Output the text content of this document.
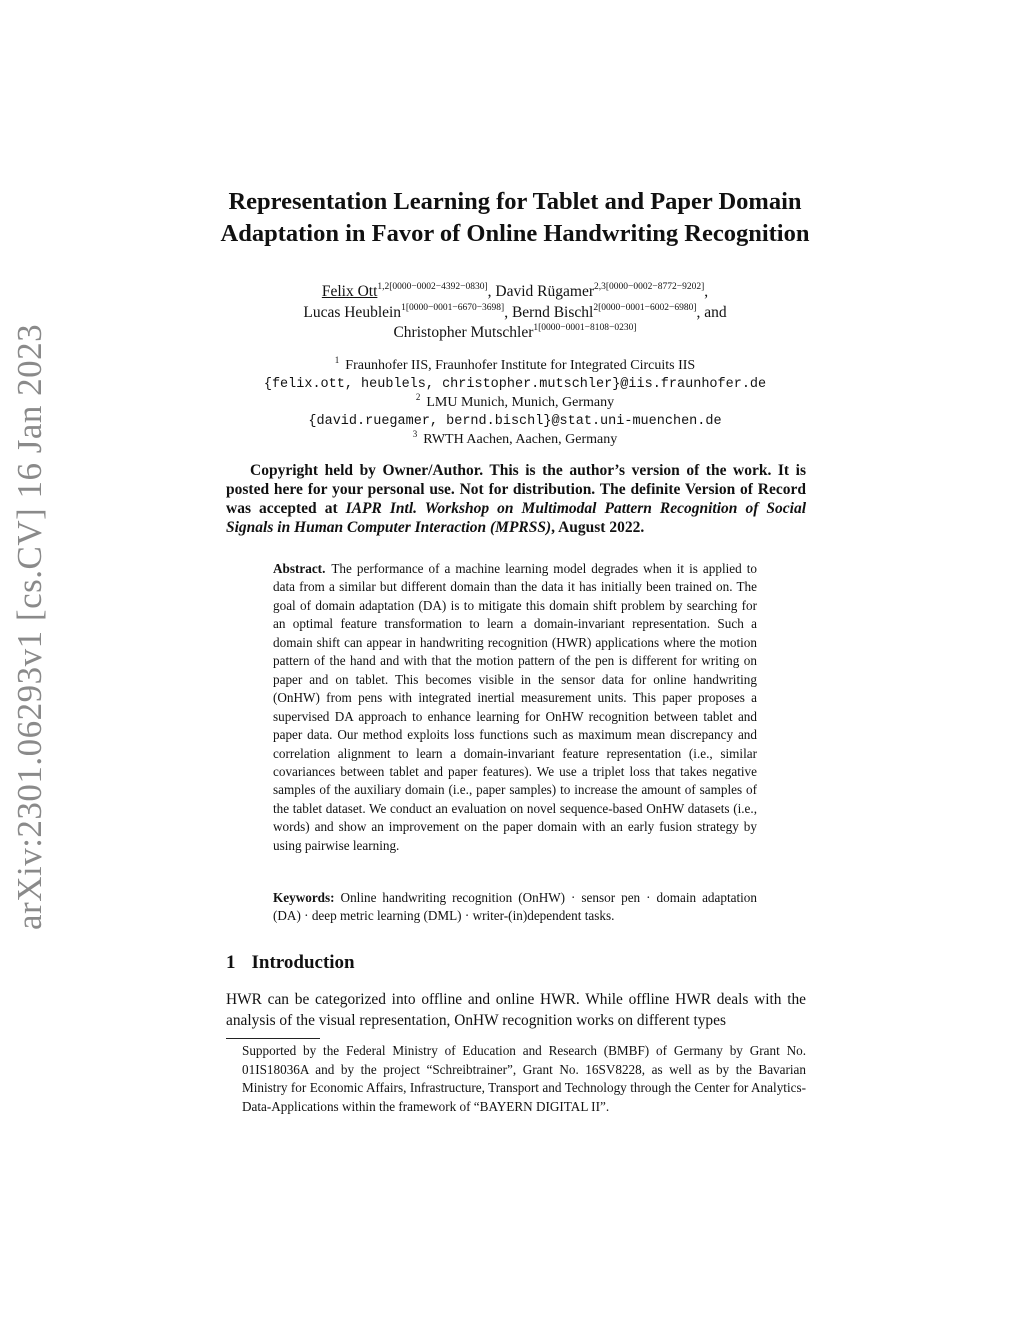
arXiv:2301.06293v1 [cs.CV] 16 Jan 2023
Representation Learning for Tablet and Paper Domain
Adaptation in Favor of Online Handwriting Recognition
Felix Ott$^{1,2[0000-0002-4392-0830]}$, David Rügamer$^{2,3[0000-0002-8772-9202]}$,
Lucas Heublein$^{1[0000-0001-6670-3698]}$, Bernd Bischl$^{2[0000-0001-6002-6980]}$, and
Christopher Mutschler$^{1[0000-0001-8108-0230]}$
$^1$ Fraunhofer IIS, Fraunhofer Institute for Integrated Circuits IIS
{felix.ott, heublels, christopher.mutschler}@iis.fraunhofer.de
$^2$ LMU Munich, Munich, Germany
{david.ruegamer, bernd.bischl}@stat.uni-muenchen.de
$^3$ RWTH Aachen, Aachen, Germany
Copyright held by Owner/Author. This is the author’s version of the work. It is posted here for your personal use. Not for distribution. The definite Version of Record was accepted at IAPR Intl. Workshop on Multimodal Pattern Recognition of Social Signals in Human Computer Interaction (MPRSS), August 2022.
Abstract. The performance of a machine learning model degrades when it is applied to data from a similar but different domain than the data it has initially been trained on. The goal of domain adaptation (DA) is to mitigate this domain shift problem by searching for an optimal feature transformation to learn a domain-invariant representation. Such a domain shift can appear in handwriting recognition (HWR) applications where the motion pattern of the hand and with that the motion pattern of the pen is different for writing on paper and on tablet. This becomes visible in the sensor data for online handwriting (OnHW) from pens with integrated inertial measurement units. This paper proposes a supervised DA approach to enhance learning for OnHW recognition between tablet and paper data. Our method exploits loss functions such as maximum mean discrepancy and correlation alignment to learn a domain-invariant feature representation (i.e., similar covariances between tablet and paper features). We use a triplet loss that takes negative samples of the auxiliary domain (i.e., paper samples) to increase the amount of samples of the tablet dataset. We conduct an evaluation on novel sequence-based OnHW datasets (i.e., words) and show an improvement on the paper domain with an early fusion strategy by using pairwise learning.
Keywords: Online handwriting recognition (OnHW) · sensor pen · domain adaptation (DA) · deep metric learning (DML) · writer-(in)dependent tasks.
1 Introduction
HWR can be categorized into offline and online HWR. While offline HWR deals with the analysis of the visual representation, OnHW recognition works on different types
Supported by the Federal Ministry of Education and Research (BMBF) of Germany by Grant No. 01IS18036A and by the project “Schreibtrainer”, Grant No. 16SV8228, as well as by the Bavarian Ministry for Economic Affairs, Infrastructure, Transport and Technology through the Center for Analytics-Data-Applications within the framework of “BAYERN DIGITAL II”.
